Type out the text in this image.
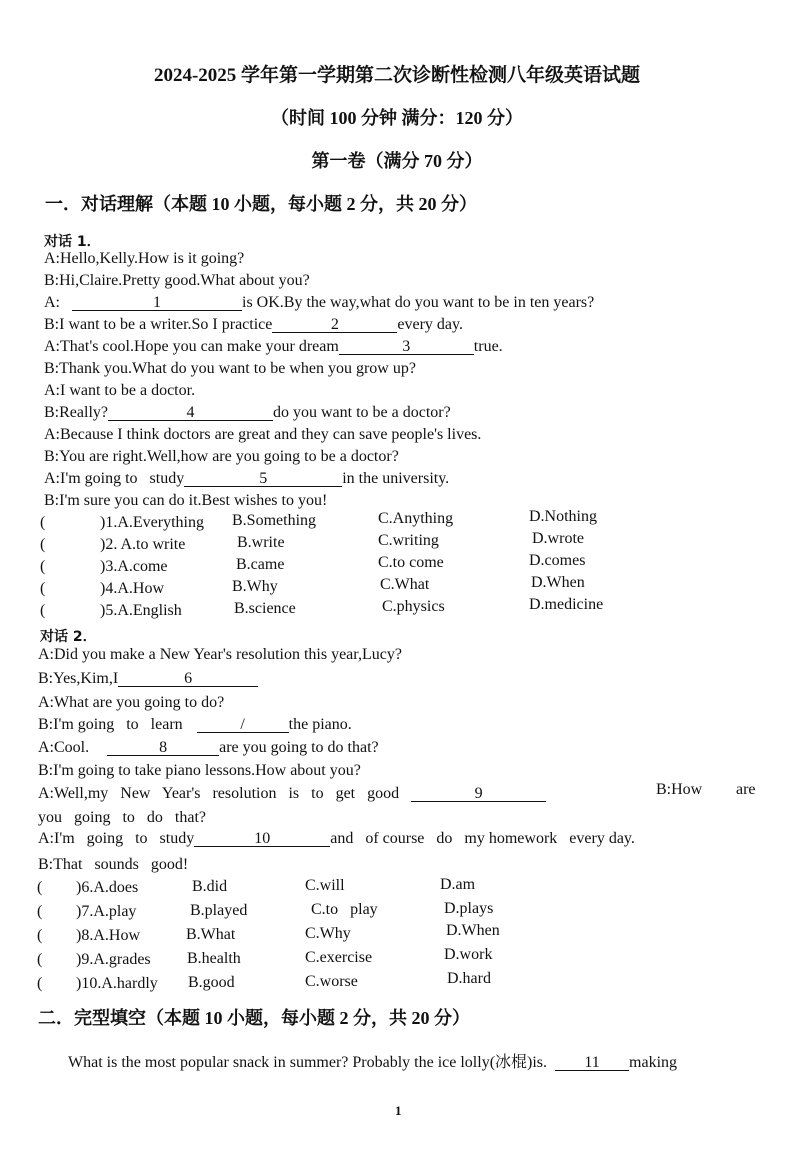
2024-2025 学年第一学期第二次诊断性检测八年级英语试题
（时间 100 分钟 满分：120 分）
第一卷（满分 70 分）
一．对话理解（本题 10 小题，每小题 2 分，共 20 分）
对话 1．
A:Hello,Kelly.How is it going?
B:Hi,Claire.Pretty good.What about you?
A:	1	is OK.By the way,what do you want to be in ten years?
B:I want to be a writer.So I practice	2	every day.
A:That's cool.Hope you can make your dream	3	true.
B:Thank you.What do you want to be when you grow up?
A:I want to be a doctor.
B:Really?	4	do you want to be a doctor?
A:Because I think doctors are great and they can save people's lives.
B:You are right.Well,how are you going to be a doctor?
A:I'm going to   study	5	in the university.
B:I'm sure you can do it.Best wishes to you!
(	)1.A.Everything B.Something	C.Anything	D.Nothing
(	)2. A.to write	B.write	C.writing	D.wrote
(	)3.A.come	B.came	C.to come	D.comes
(	)4.A.How	B.Why	C.What	D.When
(	)5.A.English	B.science	C.physics	D.medicine
对话 2．
A:Did you make a New Year's resolution this year,Lucy?
B:Yes,Kim,I	6
A:What are you going to do?
B:I'm going   to   learn	/	the piano.
A:Cool.	8	are you going to do that?
B:I'm going to take piano lessons.How about you?
A:Well,my   New   Year's   resolution   is   to   get   good	9	B:How are
you   going   to   do   that?
A:I'm   going   to   study	10	and   of course   do   my homework   every day.
B:That   sounds   good!
( )6.A.does	B.did	C.will	D.am
( )7.A.play	B.played	C.to   play	D.plays
( )8.A.How	B.What	C.Why	D.When
( )9.A.grades B.health	C.exercise	D.work
( )10.A.hardly B.good	C.worse	D.hard
二．完型填空（本题 10 小题，每小题 2 分，共 20 分）
What is the most popular snack in summer? Probably the ice lolly(冰棍)is. 11 making
1
